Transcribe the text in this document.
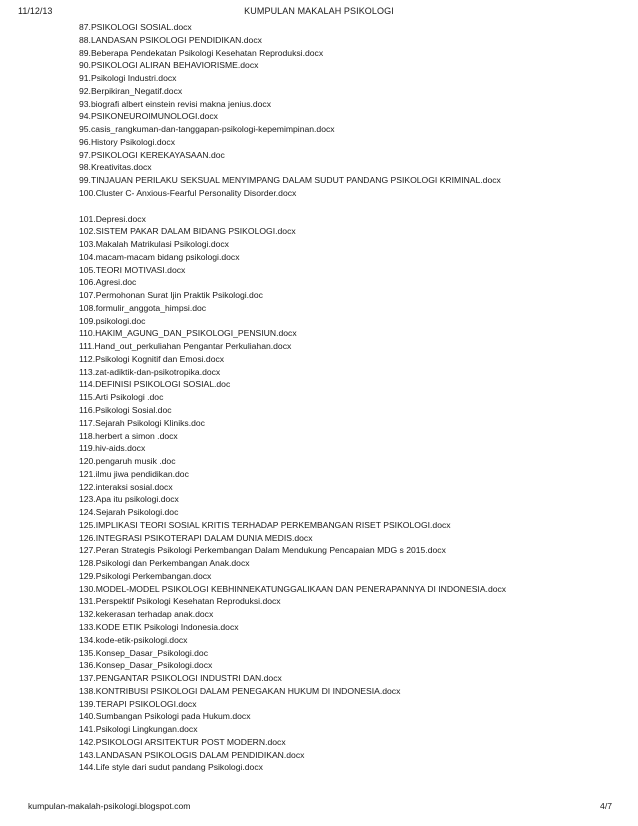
11/12/13	KUMPULAN MAKALAH PSIKOLOGI
87.PSIKOLOGI SOSIAL.docx
88.LANDASAN PSIKOLOGI PENDIDIKAN.docx
89.Beberapa Pendekatan Psikologi Kesehatan Reproduksi.docx
90.PSIKOLOGI ALIRAN BEHAVIORISME.docx
91.Psikologi Industri.docx
92.Berpikiran_Negatif.docx
93.biografi albert einstein revisi makna jenius.docx
94.PSIKONEUROIMUNOLOGI.docx
95.casis_rangkuman-dan-tanggapan-psikologi-kepemimpinan.docx
96.History Psikologi.docx
97.PSIKOLOGI KEREKAYASAAN.doc
98.Kreativitas.docx
99.TINJAUAN PERILAKU SEKSUAL MENYIMPANG DALAM SUDUT PANDANG PSIKOLOGI KRIMINAL.docx
100.Cluster C- Anxious-Fearful Personality Disorder.docx
101.Depresi.docx
102.SISTEM PAKAR DALAM BIDANG PSIKOLOGI.docx
103.Makalah Matrikulasi Psikologi.docx
104.macam-macam bidang psikologi.docx
105.TEORI MOTIVASI.docx
106.Agresi.doc
107.Permohonan Surat Ijin Praktik Psikologi.doc
108.formulir_anggota_himpsi.doc
109.psikologi.doc
110.HAKIM_AGUNG_DAN_PSIKOLOGI_PENSIUN.docx
111.Hand_out_perkuliahan Pengantar Perkuliahan.docx
112.Psikologi Kognitif dan Emosi.docx
113.zat-adiktik-dan-psikotropika.docx
114.DEFINISI PSIKOLOGI SOSIAL.doc
115.Arti Psikologi .doc
116.Psikologi Sosial.doc
117.Sejarah Psikologi Kliniks.doc
118.herbert a simon .docx
119.hiv-aids.docx
120.pengaruh musik .doc
121.ilmu jiwa pendidikan.doc
122.interaksi sosial.docx
123.Apa itu psikologi.docx
124.Sejarah Psikologi.doc
125.IMPLIKASI TEORI SOSIAL KRITIS TERHADAP PERKEMBANGAN RISET PSIKOLOGI.docx
126.INTEGRASI PSIKOTERAPI DALAM DUNIA MEDIS.docx
127.Peran Strategis Psikologi Perkembangan Dalam Mendukung Pencapaian MDG s 2015.docx
128.Psikologi dan Perkembangan Anak.docx
129.Psikologi Perkembangan.docx
130.MODEL-MODEL PSIKOLOGI KEBHINNEKATUNGGALIKAAN DAN PENERAPANNYA DI INDONESIA.docx
131.Perspektif Psikologi Kesehatan Reproduksi.docx
132.kekerasan terhadap anak.docx
133.KODE ETIK Psikologi Indonesia.docx
134.kode-etik-psikologi.docx
135.Konsep_Dasar_Psikologi.doc
136.Konsep_Dasar_Psikologi.docx
137.PENGANTAR PSIKOLOGI INDUSTRI DAN.docx
138.KONTRIBUSI PSIKOLOGI DALAM PENEGAKAN HUKUM DI INDONESIA.docx
139.TERAPI PSIKOLOGI.docx
140.Sumbangan Psikologi pada Hukum.docx
141.Psikologi Lingkungan.docx
142.PSIKOLOGI ARSITEKTUR POST MODERN.docx
143.LANDASAN PSIKOLOGIS DALAM PENDIDIKAN.docx
144.Life style dari sudut pandang Psikologi.docx
kumpulan-makalah-psikologi.blogspot.com	4/7
